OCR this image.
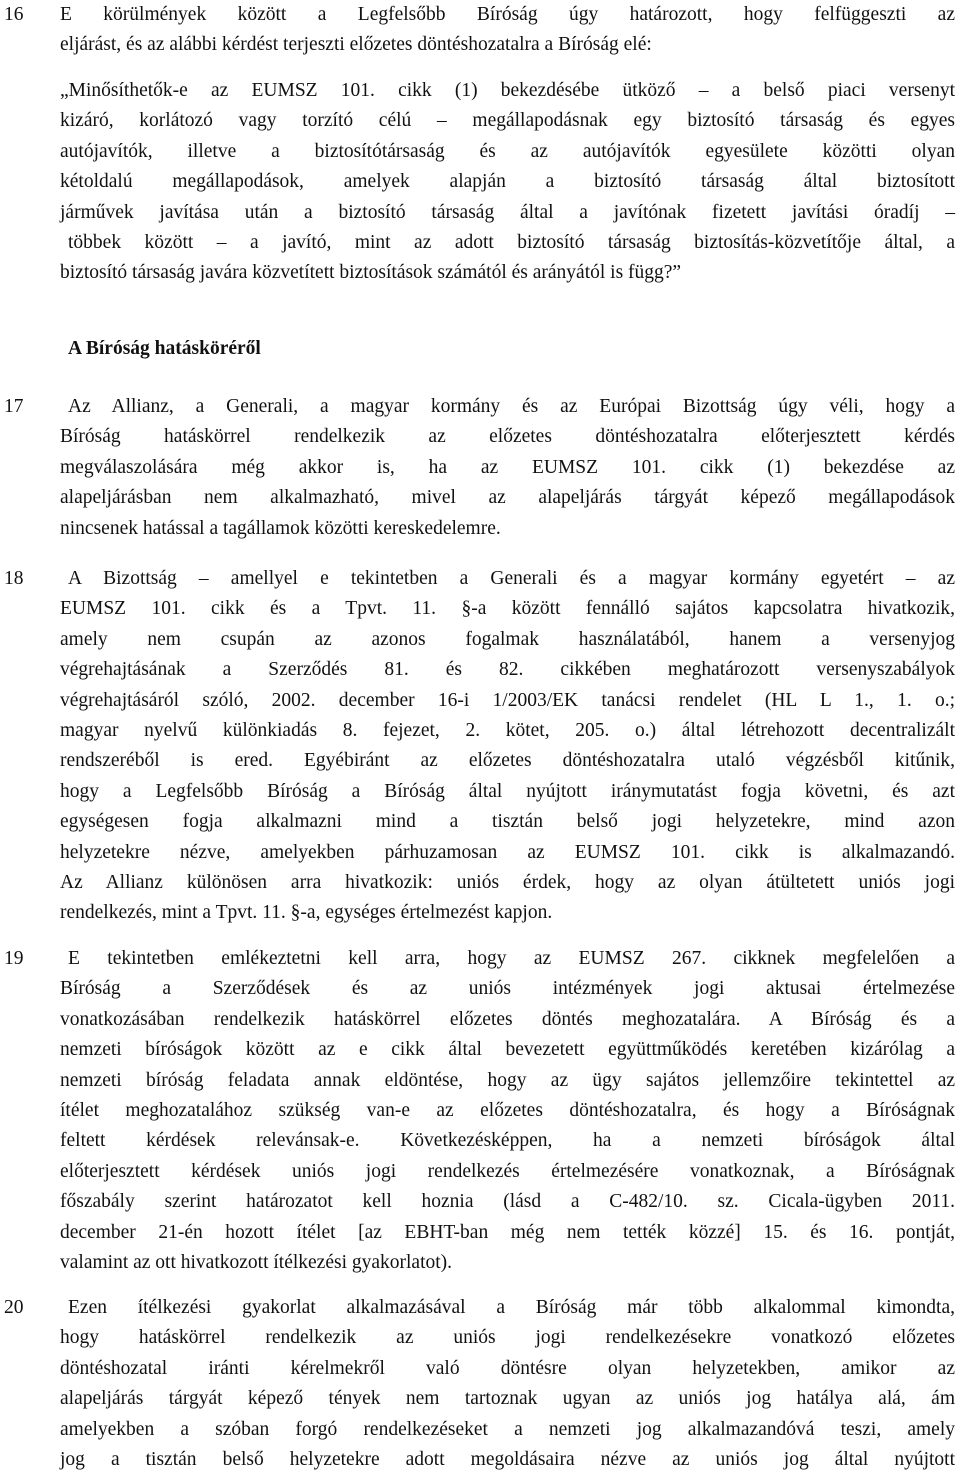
16 E körülmények között a Legfelsőbb Bíróság úgy határozott, hogy felfüggeszti az
eljárást, és az alábbi kérdést terjeszti előzetes döntéshozatalra a Bíróság elé:
„Minősíthetők-e az EUMSZ 101. cikk (1) bekezdésébe ütköző – a belső piaci versenyt
kizáró, korlátozó vagy torzító célú – megállapodásnak egy biztosító társaság és egyes
autójavítók, illetve a biztosítótársaság és az autójavítók egyesülete közötti olyan
kétoldalú megállapodások, amelyek alapján a biztosító társaság által biztosított
járművek javítása után a biztosító társaság által a javítónak fizetett javítási óradíj –
többek között – a javító, mint az adott biztosító társaság biztosítás-közvetítője által, a
biztosító társaság javára közvetített biztosítások számától és arányától is függ?”
A Bíróság hatásköréről
17	Az Allianz, a Generali, a magyar kormány és az Európai Bizottság úgy véli, hogy a
Bíróság hatáskörrel rendelkezik az előzetes döntéshozatalra előterjesztett kérdés
megválaszolására még akkor is, ha az EUMSZ 101. cikk (1) bekezdése az
alapeljárásban nem alkalmazható, mivel az alapeljárás tárgyát képező megállapodások
nincsenek hatással a tagállamok közötti kereskedelemre.
18	A Bizottság – amellyel e tekintetben a Generali és a magyar kormány egyetért – az
EUMSZ 101. cikk és a Tpvt. 11. §-a között fennálló sajátos kapcsolatra hivatkozik,
amely nem csupán az azonos fogalmak használatából, hanem a versenyjog
végrehajtásának a Szerződés 81. és 82. cikkében meghatározott versenyszabályok
végrehajtásáról szóló, 2002. december 16-i 1/2003/EK tanácsi rendelet (HL L 1., 1. o.;
magyar nyelvű különkiadás 8. fejezet, 2. kötet, 205. o.) által létrehozott decentralizált
rendszeréből is ered. Egyébiránt az előzetes döntéshozatalra utaló végzésből kitűnik,
hogy a Legfelsőbb Bíróság a Bíróság által nyújtott iránymutatást fogja követni, és azt
egységesen fogja alkalmazni mind a tisztán belső jogi helyzetekre, mind azon
helyzetekre nézve, amelyekben párhuzamosan az EUMSZ 101. cikk is alkalmazandó.
Az Allianz különösen arra hivatkozik: uniós érdek, hogy az olyan átültetett uniós jogi
rendelkezés, mint a Tpvt. 11. §-a, egységes értelmezést kapjon.
19	E tekintetben emlékeztetni kell arra, hogy az EUMSZ 267. cikknek megfelelően a
Bíróság a Szerződések és az uniós intézmények jogi aktusai értelmezése
vonatkozásában rendelkezik hatáskörrel előzetes döntés meghozatalára. A Bíróság és a
nemzeti bíróságok között az e cikk által bevezetett együttműködés keretében kizárólag a
nemzeti bíróság feladata annak eldöntése, hogy az ügy sajátos jellemzőire tekintettel az
ítélet meghozatalához szükség van-e az előzetes döntéshozatalra, és hogy a Bíróságnak
feltett kérdések relevánsak-e. Következésképpen, ha a nemzeti bíróságok által
előterjesztett kérdések uniós jogi rendelkezés értelmezésére vonatkoznak, a Bíróságnak
főszabály szerint határozatot kell hoznia (lásd a C-482/10. sz. Cicala-ügyben 2011.
december 21-én hozott ítélet [az EBHT-ban még nem tették közzé] 15. és 16. pontját,
valamint az ott hivatkozott ítélkezési gyakorlatot).
20	Ezen ítélkezési gyakorlat alkalmazásával a Bíróság már több alkalommal kimondta,
hogy hatáskörrel rendelkezik az uniós jogi rendelkezésekre vonatkozó előzetes
döntéshozatal iránti kérelmekről való döntésre olyan helyzetekben, amikor az
alapeljárás tárgyát képező tények nem tartoznak ugyan az uniós jog hatálya alá, ám
amelyekben a szóban forgó rendelkezéseket a nemzeti jog alkalmazandóvá teszi, amely
jog a tisztán belső helyzetekre adott megoldásaira nézve az uniós jog által nyújtott
